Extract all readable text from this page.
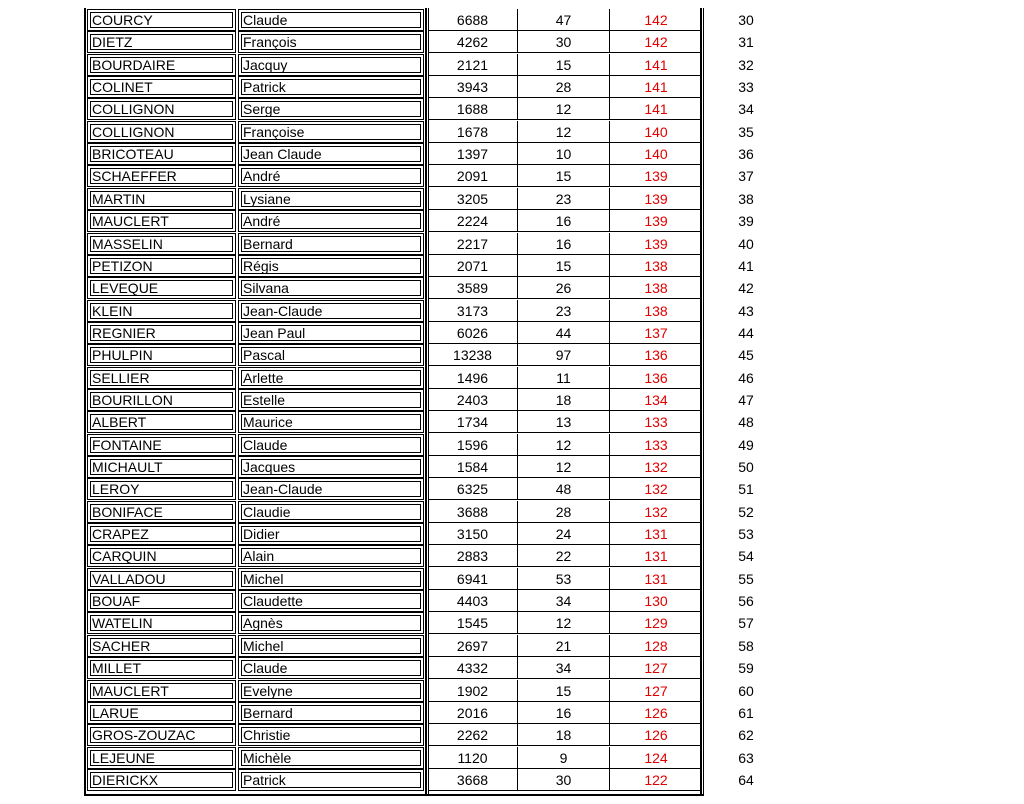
COURCY	Claude	6688	47	142	30
DIETZ	François	4262	30	142	31
BOURDAIRE	Jacquy	2121	15	141	32
COLINET	Patrick	3943	28	141	33
COLLIGNON	Serge	1688	12	141	34
COLLIGNON	Françoise	1678	12	140	35
BRICOTEAU	Jean Claude	1397	10	140	36
SCHAEFFER	André	2091	15	139	37
MARTIN	Lysiane	3205	23	139	38
MAUCLERT	André	2224	16	139	39
MASSELIN	Bernard	2217	16	139	40
PETIZON	Régis	2071	15	138	41
LEVEQUE	Silvana	3589	26	138	42
KLEIN	Jean-Claude	3173	23	138	43
REGNIER	Jean Paul	6026	44	137	44
PHULPIN	Pascal	13238	97	136	45
SELLIER	Arlette	1496	11	136	46
BOURILLON	Estelle	2403	18	134	47
ALBERT	Maurice	1734	13	133	48
FONTAINE	Claude	1596	12	133	49
MICHAULT	Jacques	1584	12	132	50
LEROY	Jean-Claude	6325	48	132	51
BONIFACE	Claudie	3688	28	132	52
CRAPEZ	Didier	3150	24	131	53
CARQUIN	Alain	2883	22	131	54
VALLADOU	Michel	6941	53	131	55
BOUAF	Claudette	4403	34	130	56
WATELIN	Agnès	1545	12	129	57
SACHER	Michel	2697	21	128	58
MILLET	Claude	4332	34	127	59
MAUCLERT	Evelyne	1902	15	127	60
LARUE	Bernard	2016	16	126	61
GROS-ZOUZAC	Christie	2262	18	126	62
LEJEUNE	Michèle	1120	9	124	63
DIERICKX	Patrick	3668	30	122	64
